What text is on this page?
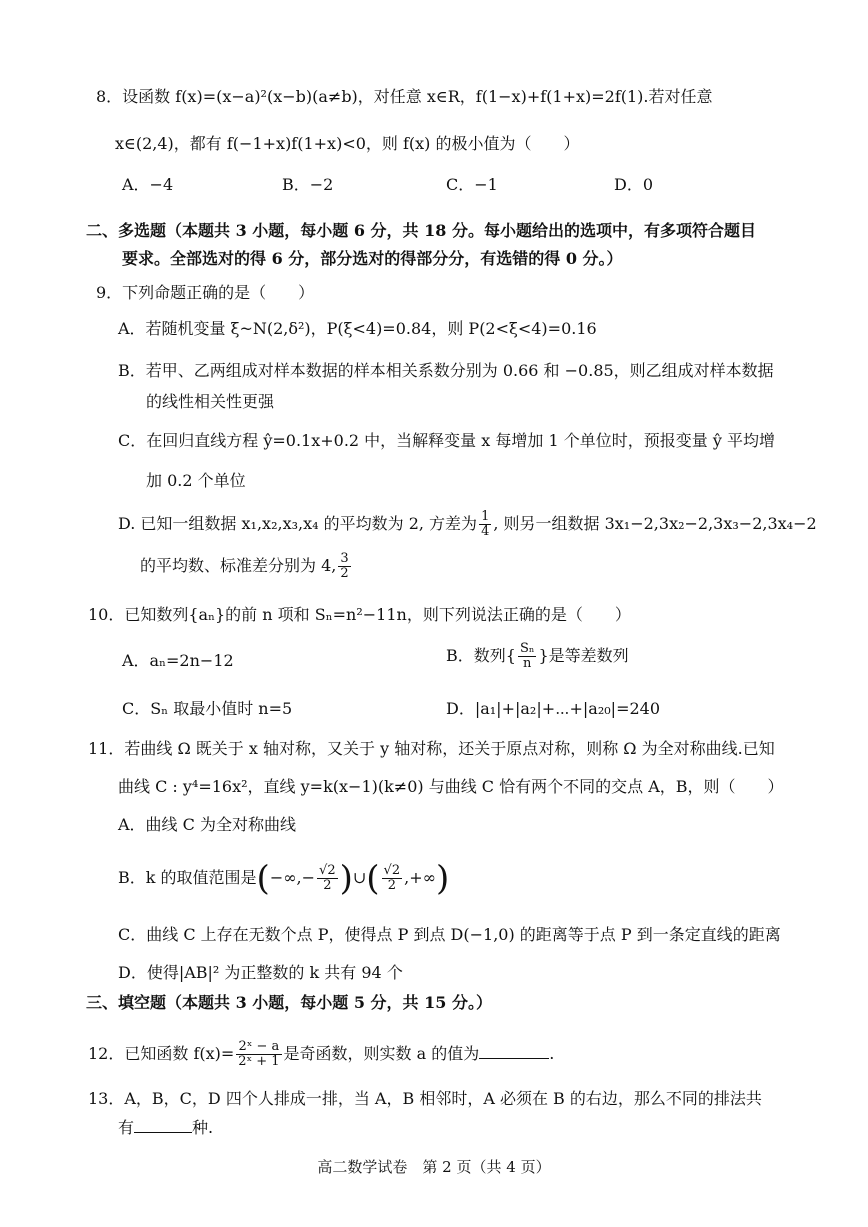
8．设函数 f(x)=(x−a)²(x−b)(a≠b)，对任意 x∈R，f(1−x)+f(1+x)=2f(1).若对任意
x∈(2,4)，都有 f(−1+x)f(1+x)<0，则 f(x) 的极小值为（　　）
A．−4	B．−2	C．−1	D．0
二、多选题（本题共 3 小题，每小题 6 分，共 18 分。每小题给出的选项中，有多项符合题目
要求。全部选对的得 6 分，部分选对的得部分分，有选错的得 0 分。）
9．下列命题正确的是（　　）
A．若随机变量 ξ~N(2,δ²)，P(ξ<4)=0.84，则 P(2<ξ<4)=0.16
B．若甲、乙两组成对样本数据的样本相关系数分别为 0.66 和 −0.85，则乙组成对样本数据
的线性相关性更强
C．在回归直线方程 ŷ=0.1x+0.2 中，当解释变量 x 每增加 1 个单位时，预报变量 ŷ 平均增
加 0.2 个单位
D. 已知一组数据 x₁,x₂,x₃,x₄ 的平均数为 2, 方差为 $\frac{1}{4}$ , 则另一组数据 3x₁−2,3x₂−2,3x₃−2,3x₄−2
的平均数、标准差分别为 4, $\frac{3}{2}$
10．已知数列{aₙ}的前 n 项和 Sₙ=n²−11n，则下列说法正确的是（　　）
A．aₙ=2n−12	B．数列{ $\frac{\text{Sₙ}}{n}$ }是等差数列
C．Sₙ 取最小值时 n=5	D．|a₁|+|a₂|+⋯+|a₂₀|=240
11．若曲线 Ω 既关于 x 轴对称，又关于 y 轴对称，还关于原点对称，则称 Ω 为全对称曲线.已知
曲线 C : y⁴=16x²，直线 y=k(x−1)(k≠0) 与曲线 C 恰有两个不同的交点 A，B，则（　　）
A．曲线 C 为全对称曲线
B．k 的取值范围是(−∞,− $\frac{√2}{2}$ )∪( $\frac{√2}{2}$ ,+∞)
C．曲线 C 上存在无数个点 P，使得点 P 到点 D(−1,0) 的距离等于点 P 到一条定直线的距离
D．使得|AB|² 为正整数的 k 共有 94 个
三、填空题（本题共 3 小题，每小题 5 分，共 15 分。）
12．已知函数 $f(x)= \frac{\text{2ˣ − a}}{\text{2ˣ + 1}}$ 是奇函数，则实数 a 的值为	.
13．A，B，C，D 四个人排成一排，当 A，B 相邻时，A 必须在 B 的右边，那么不同的排法共
有	种.
高二数学试卷　第 2 页（共 4 页）
